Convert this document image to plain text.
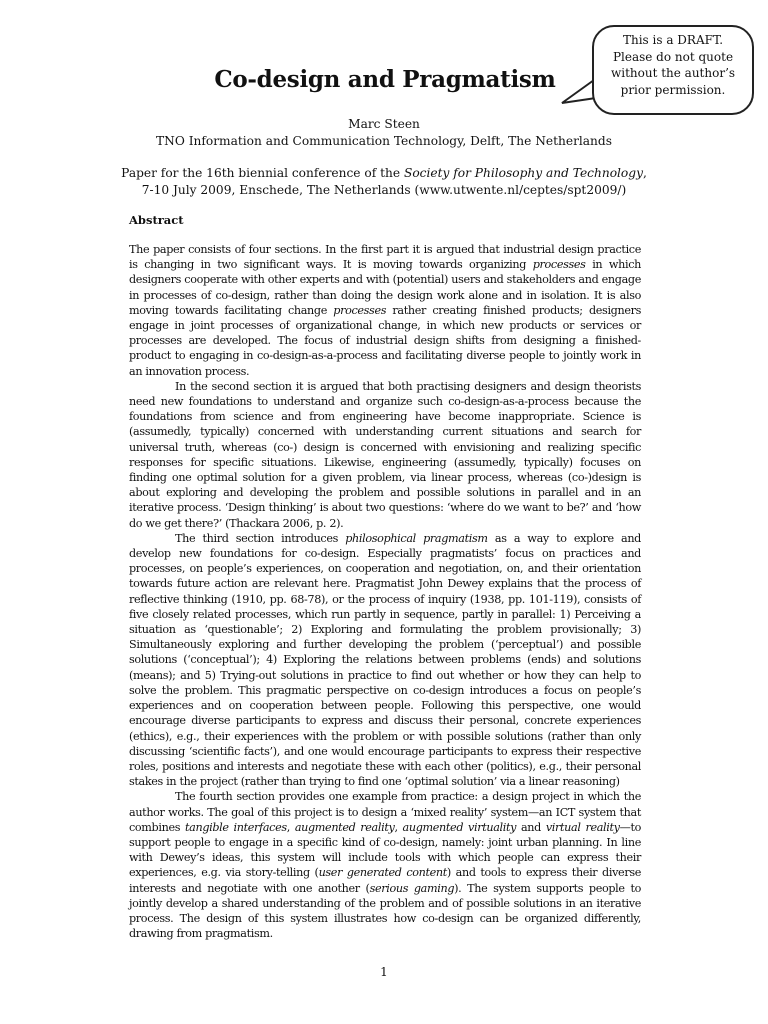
Co-design and Pragmatism
This is a DRAFT.
Please do not quote
without the author’s
prior permission.
Marc Steen
TNO Information and Communication Technology, Delft, The Netherlands
Paper for the 16th biennial conference of the Society for Philosophy and Technology,
7-10 July 2009, Enschede, The Netherlands (www.utwente.nl/ceptes/spt2009/)
Abstract

The paper consists of four sections. In the first part it is argued that industrial design practice is changing in two significant ways. It is moving towards organizing processes in which designers cooperate with other experts and with (potential) users and stakeholders and engage in processes of co-design, rather than doing the design work alone and in isolation. It is also moving towards facilitating change processes rather creating finished products; designers engage in joint processes of organizational change, in which new products or services or processes are developed. The focus of industrial design shifts from designing a finished-product to engaging in co-design-as-a-process and facilitating diverse people to jointly work in an innovation process.

In the second section it is argued that both practising designers and design theorists need new foundations to understand and organize such co-design-as-a-process because the foundations from science and from engineering have become inappropriate. Science is (assumedly, typically) concerned with understanding current situations and search for universal truth, whereas (co-) design is concerned with envisioning and realizing specific responses for specific situations. Likewise, engineering (assumedly, typically) focuses on finding one optimal solution for a given problem, via linear process, whereas (co-)design is about exploring and developing the problem and possible solutions in parallel and in an iterative process. ‘Design thinking’ is about two questions: ‘where do we want to be?’ and ‘how do we get there?’ (Thackara 2006, p. 2).

The third section introduces philosophical pragmatism as a way to explore and develop new foundations for co-design. Especially pragmatists’ focus on practices and processes, on people’s experiences, on cooperation and negotiation, on, and their orientation towards future action are relevant here. Pragmatist John Dewey explains that the process of reflective thinking (1910, pp. 68-78), or the process of inquiry (1938, pp. 101-119), consists of five closely related processes, which run partly in sequence, partly in parallel: 1) Perceiving a situation as ‘questionable’; 2) Exploring and formulating the problem provisionally; 3) Simultaneously exploring and further developing the problem (‘perceptual’) and possible solutions (‘conceptual’); 4) Exploring the relations between problems (ends) and solutions (means); and 5) Trying-out solutions in practice to find out whether or how they can help to solve the problem. This pragmatic perspective on co-design introduces a focus on people’s experiences and on cooperation between people. Following this perspective, one would encourage diverse participants to express and discuss their personal, concrete experiences (ethics), e.g., their experiences with the problem or with possible solutions (rather than only discussing ‘scientific facts’), and one would encourage participants to express their respective roles, positions and interests and negotiate these with each other (politics), e.g., their personal stakes in the project (rather than trying to find one ‘optimal solution’ via a linear reasoning)

The fourth section provides one example from practice: a design project in which the author works. The goal of this project is to design a ‘mixed reality’ system—an ICT system that combines tangible interfaces, augmented reality, augmented virtuality and virtual reality—to support people to engage in a specific kind of co-design, namely: joint urban planning. In line with Dewey’s ideas, this system will include tools with which people can express their experiences, e.g. via story-telling (user generated content) and tools to express their diverse interests and negotiate with one another (serious gaming). The system supports people to jointly develop a shared understanding of the problem and of possible solutions in an iterative process. The design of this system illustrates how co-design can be organized differently, drawing from pragmatism.

1
